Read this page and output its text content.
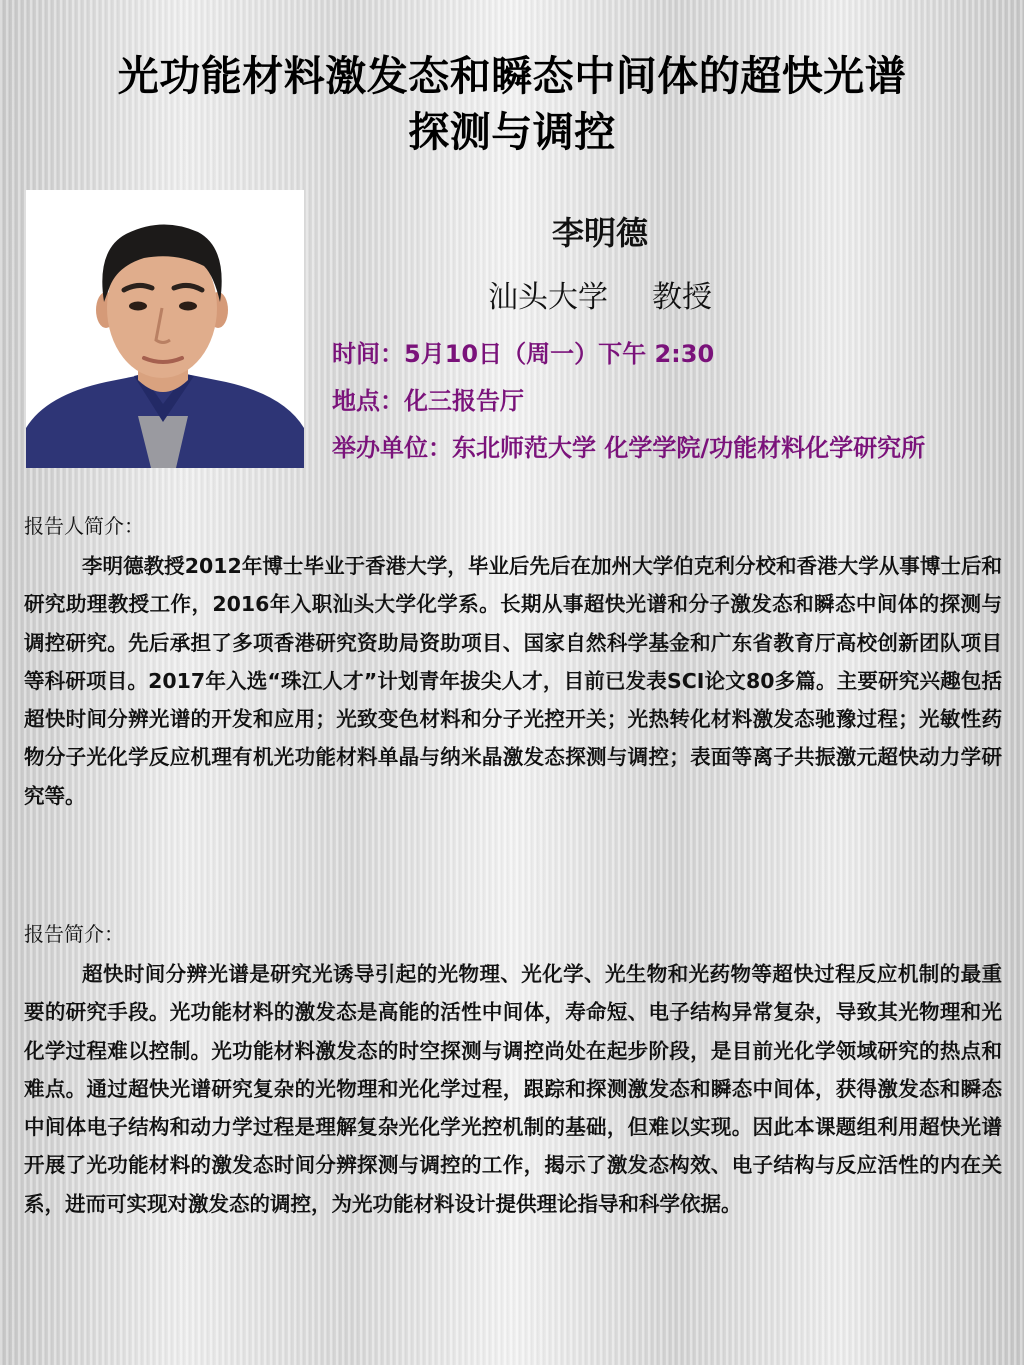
光功能材料激发态和瞬态中间体的超快光谱
探测与调控
李明德
汕头大学 教授
时间：5月10日（周一）下午 2:30
地点：化三报告厅
举办单位：东北师范大学 化学学院/功能材料化学研究所
报告人简介：

李明德教授2012年博士毕业于香港大学，毕业后先后在加州大学伯克利分校和香港大学从事博士后和研究助理教授工作，2016年入职汕头大学化学系。长期从事超快光谱和分子激发态和瞬态中间体的探测与调控研究。先后承担了多项香港研究资助局资助项目、国家自然科学基金和广东省教育厅高校创新团队项目等科研项目。2017年入选“珠江人才”计划青年拔尖人才，目前已发表SCI论文80多篇。主要研究兴趣包括超快时间分辨光谱的开发和应用；光致变色材料和分子光控开关；光热转化材料激发态驰豫过程；光敏性药物分子光化学反应机理有机光功能材料单晶与纳米晶激发态探测与调控；表面等离子共振激元超快动力学研究等。

报告简介：

超快时间分辨光谱是研究光诱导引起的光物理、光化学、光生物和光药物等超快过程反应机制的最重要的研究手段。光功能材料的激发态是高能的活性中间体，寿命短、电子结构异常复杂，导致其光物理和光化学过程难以控制。光功能材料激发态的时空探测与调控尚处在起步阶段，是目前光化学领域研究的热点和难点。通过超快光谱研究复杂的光物理和光化学过程，跟踪和探测激发态和瞬态中间体，获得激发态和瞬态中间体电子结构和动力学过程是理解复杂光化学光控机制的基础，但难以实现。因此本课题组利用超快光谱开展了光功能材料的激发态时间分辨探测与调控的工作，揭示了激发态构效、电子结构与反应活性的内在关系，进而可实现对激发态的调控，为光功能材料设计提供理论指导和科学依据。
